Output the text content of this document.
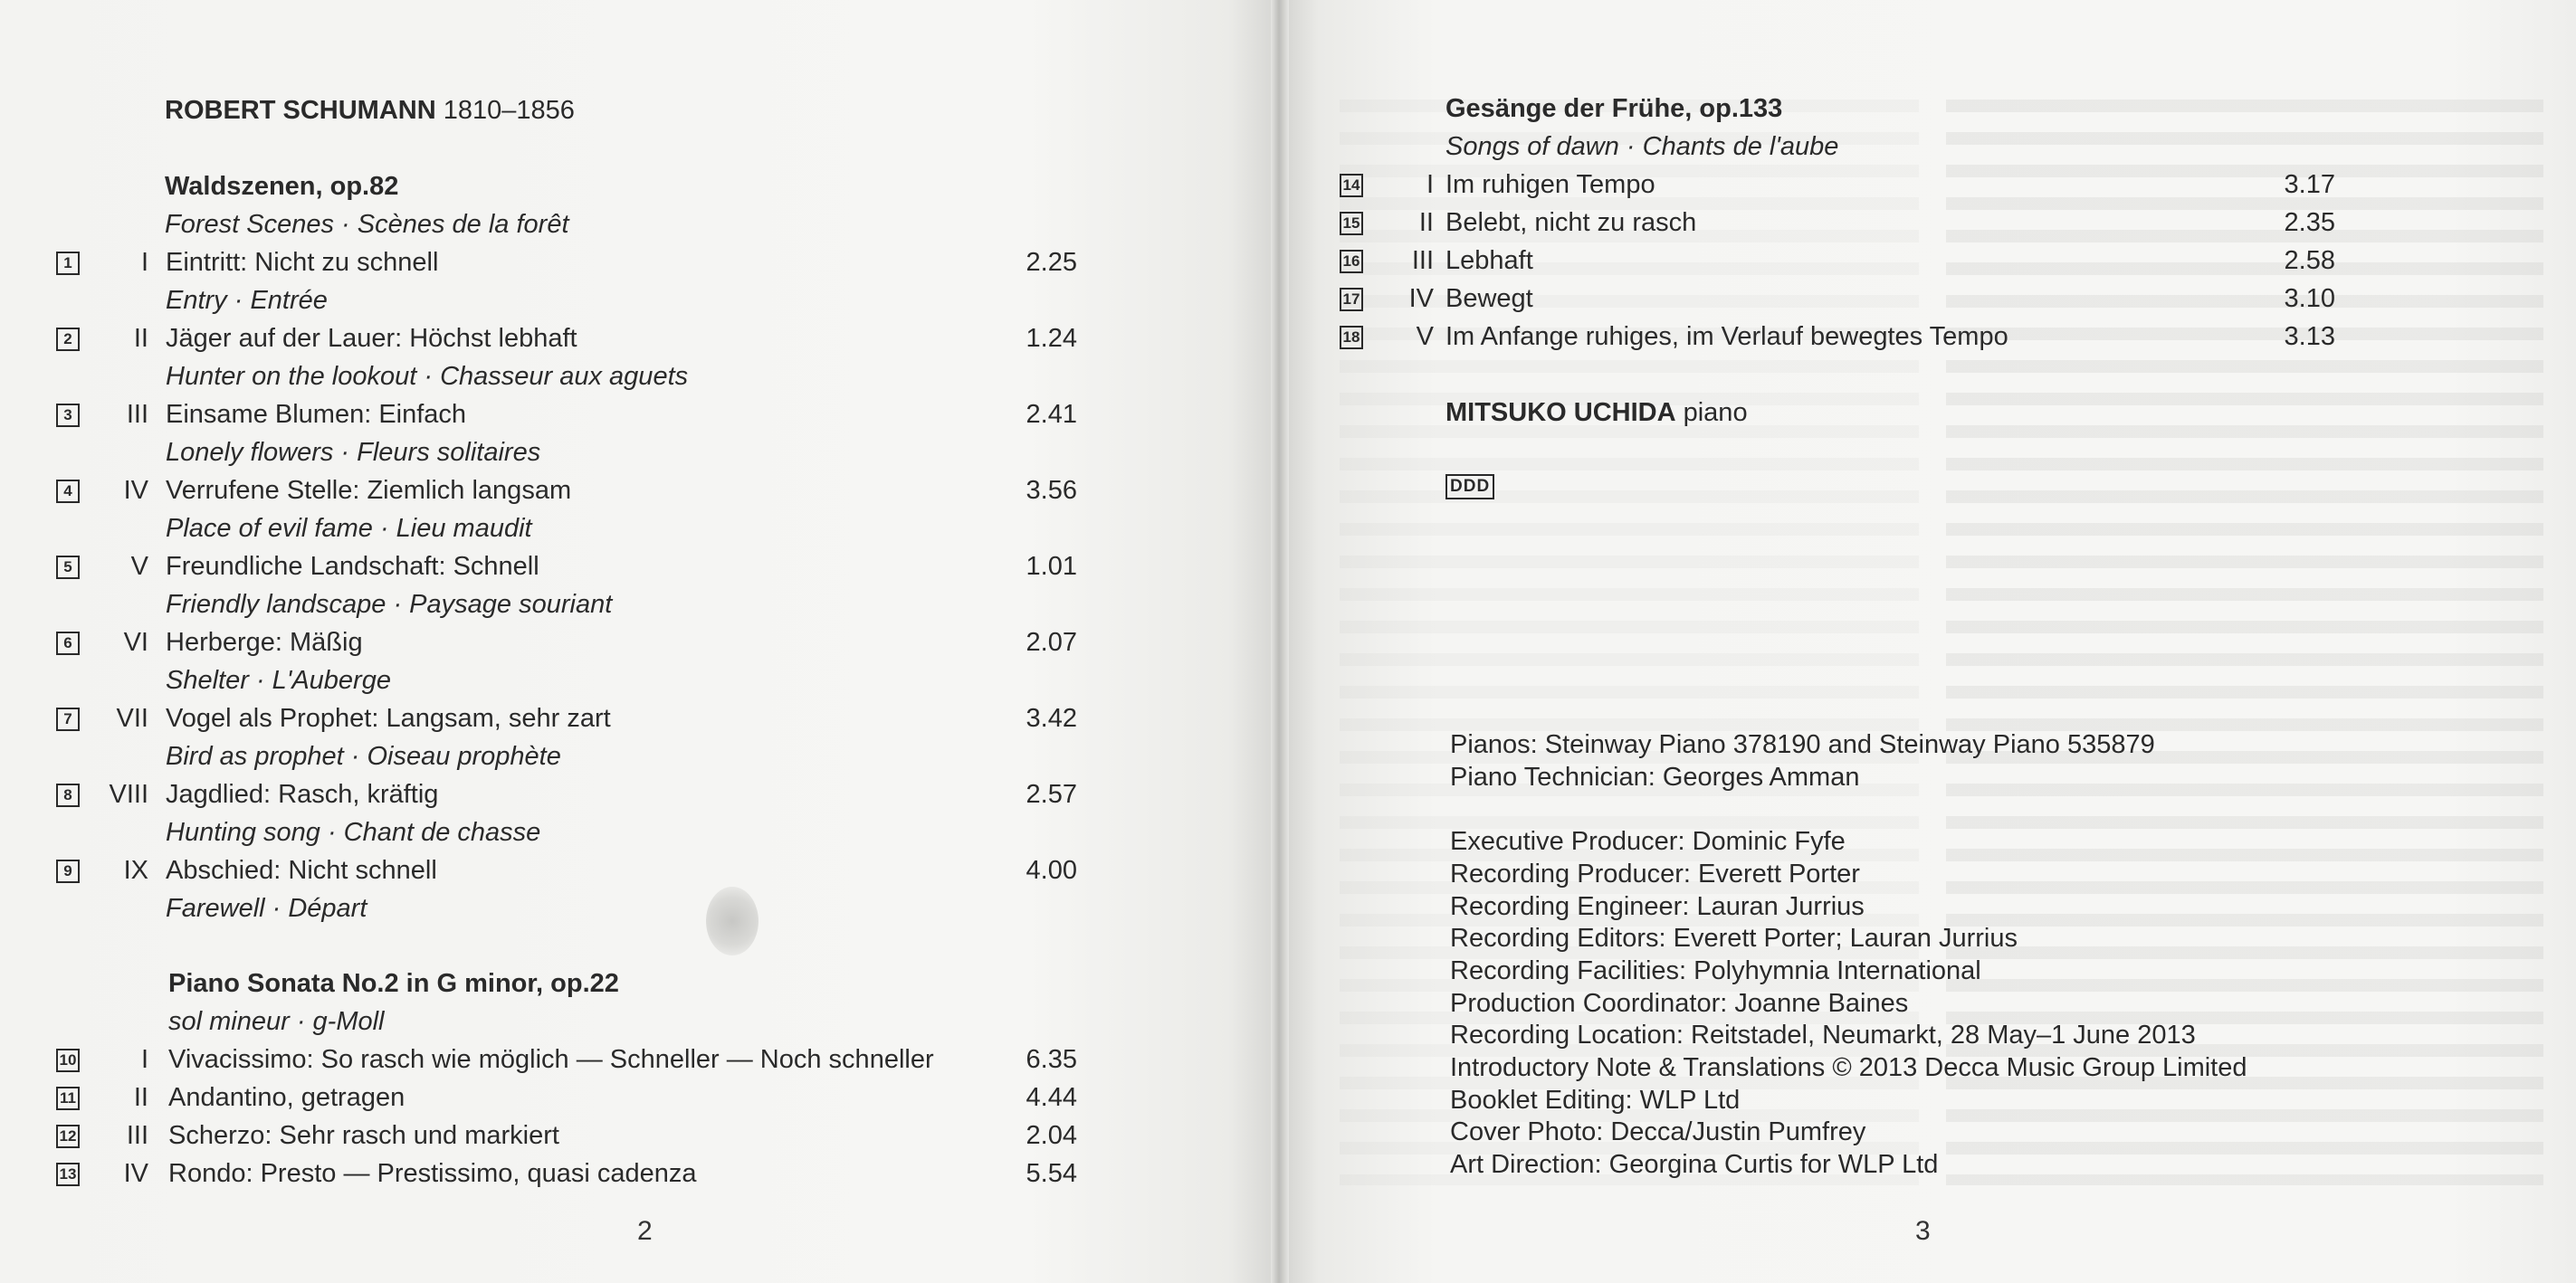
ROBERT SCHUMANN 1810–1856
Waldszenen, op.82
Forest Scenes · Scènes de la forêt
1	I Eintritt: Nicht zu schnell	2.25
Entry · Entrée
2	II Jäger auf der Lauer: Höchst lebhaft	1.24
Hunter on the lookout · Chasseur aux aguets
3	III Einsame Blumen: Einfach	2.41
Lonely flowers · Fleurs solitaires
4	IV Verrufene Stelle: Ziemlich langsam	3.56
Place of evil fame · Lieu maudit
5	V Freundliche Landschaft: Schnell	1.01
Friendly landscape · Paysage souriant
6	VI Herberge: Mäßig	2.07
Shelter · L'Auberge
7	VII Vogel als Prophet: Langsam, sehr zart	3.42
Bird as prophet · Oiseau prophète
8	VIII Jagdlied: Rasch, kräftig	2.57
Hunting song · Chant de chasse
9	IX Abschied: Nicht schnell	4.00
Farewell · Départ
Piano Sonata No.2 in G minor, op.22
sol mineur · g-Moll
10	I Vivacissimo: So rasch wie möglich — Schneller — Noch schneller	6.35
11	II Andantino, getragen	4.44
12	III Scherzo: Sehr rasch und markiert	2.04
13	IV Rondo: Presto — Prestissimo, quasi cadenza	5.54
2
Gesänge der Frühe, op.133
Songs of dawn · Chants de l'aube
14	I Im ruhigen Tempo	3.17
15	II Belebt, nicht zu rasch	2.35
16	III Lebhaft	2.58
17	IV Bewegt	3.10
18	V Im Anfange ruhiges, im Verlauf bewegtes Tempo	3.13
MITSUKO UCHIDA piano
DDD
Pianos: Steinway Piano 378190 and Steinway Piano 535879
Piano Technician: Georges Amman
Executive Producer: Dominic Fyfe
Recording Producer: Everett Porter
Recording Engineer: Lauran Jurrius
Recording Editors: Everett Porter; Lauran Jurrius
Recording Facilities: Polyhymnia International
Production Coordinator: Joanne Baines
Recording Location: Reitstadel, Neumarkt, 28 May–1 June 2013
Introductory Note & Translations © 2013 Decca Music Group Limited
Booklet Editing: WLP Ltd
Cover Photo: Decca/Justin Pumfrey
Art Direction: Georgina Curtis for WLP Ltd
3
